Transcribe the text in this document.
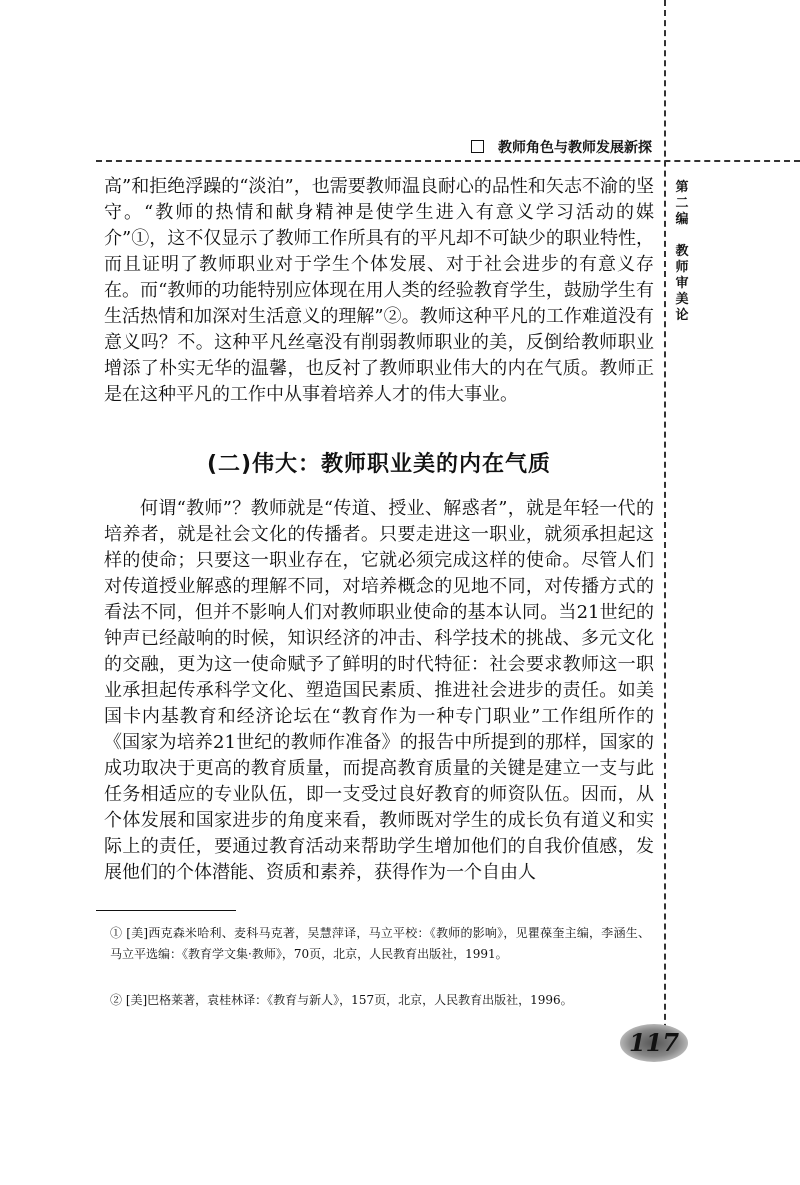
教师角色与教师发展新探
第二编
教师审美论

高”和拒绝浮躁的“淡泊”，也需要教师温良耐心的品性和矢志不渝的坚守。“教师的热情和献身精神是使学生进入有意义学习活动的媒介”①，这不仅显示了教师工作所具有的平凡却不可缺少的职业特性，而且证明了教师职业对于学生个体发展、对于社会进步的有意义存在。而“教师的功能特别应体现在用人类的经验教育学生，鼓励学生有生活热情和加深对生活意义的理解”②。教师这种平凡的工作难道没有意义吗？不。这种平凡丝毫没有削弱教师职业的美，反倒给教师职业增添了朴实无华的温馨，也反衬了教师职业伟大的内在气质。教师正是在这种平凡的工作中从事着培养人才的伟大事业。

(二)伟大：教师职业美的内在气质

何谓“教师”？教师就是“传道、授业、解惑者”，就是年轻一代的培养者，就是社会文化的传播者。只要走进这一职业，就须承担起这样的使命；只要这一职业存在，它就必须完成这样的使命。尽管人们对传道授业解惑的理解不同，对培养概念的见地不同，对传播方式的看法不同，但并不影响人们对教师职业使命的基本认同。当21世纪的钟声已经敲响的时候，知识经济的冲击、科学技术的挑战、多元文化的交融，更为这一使命赋予了鲜明的时代特征：社会要求教师这一职业承担起传承科学文化、塑造国民素质、推进社会进步的责任。如美国卡内基教育和经济论坛在“教育作为一种专门职业”工作组所作的《国家为培养21世纪的教师作准备》的报告中所提到的那样，国家的成功取决于更高的教育质量，而提高教育质量的关键是建立一支与此任务相适应的专业队伍，即一支受过良好教育的师资队伍。因而，从个体发展和国家进步的角度来看，教师既对学生的成长负有道义和实际上的责任，要通过教育活动来帮助学生增加他们的自我价值感，发展他们的个体潜能、资质和素养，获得作为一个自由人

① [美]西克森米哈利、麦科马克著，吴慧萍译，马立平校：《教师的影响》，见瞿葆奎主编，李涵生、马立平选编：《教育学文集·教师》，70页，北京，人民教育出版社，1991。

② [美]巴格莱著，袁桂林译：《教育与新人》，157页，北京，人民教育出版社，1996。

117
